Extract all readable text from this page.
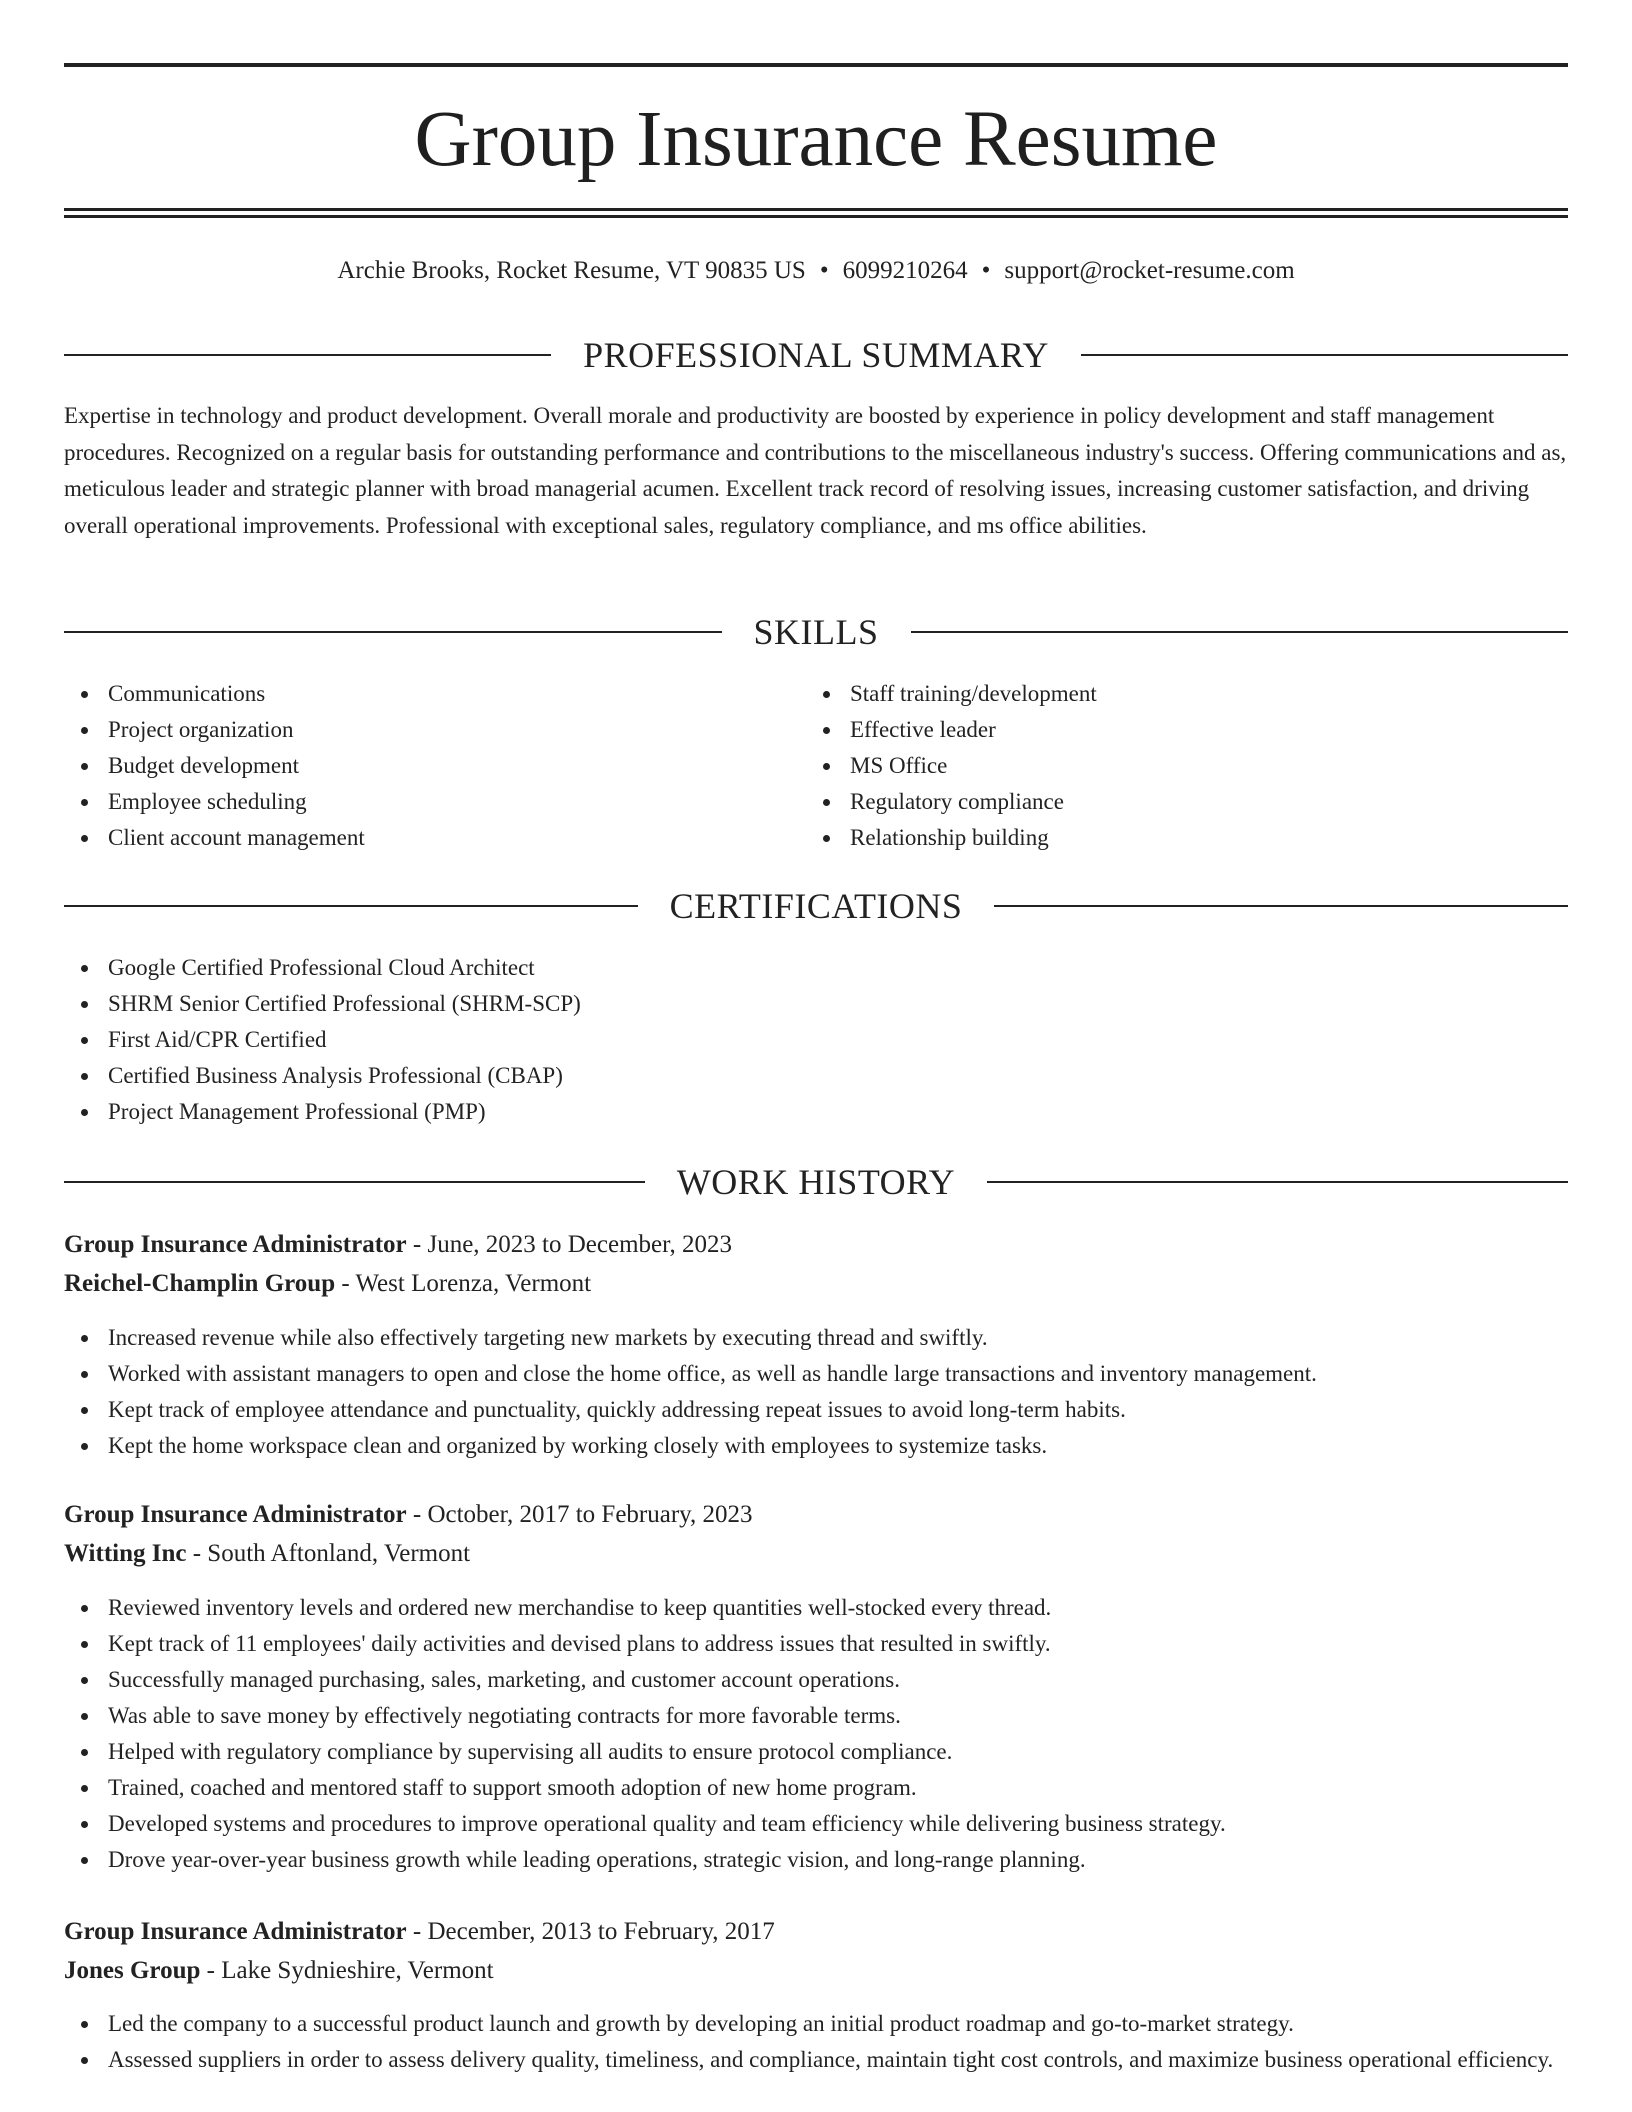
Group Insurance Resume
Archie Brooks, Rocket Resume, VT 90835 US • 6099210264 • support@rocket-resume.com
PROFESSIONAL SUMMARY

Expertise in technology and product development. Overall morale and productivity are boosted by experience in policy development and staff management procedures. Recognized on a regular basis for outstanding performance and contributions to the miscellaneous industry's success. Offering communications and as, meticulous leader and strategic planner with broad managerial acumen. Excellent track record of resolving issues, increasing customer satisfaction, and driving overall operational improvements. Professional with exceptional sales, regulatory compliance, and ms office abilities.

SKILLS
Communications
Project organization
Budget development
Employee scheduling
Client account management
Staff training/development
Effective leader
MS Office
Regulatory compliance
Relationship building
CERTIFICATIONS
Google Certified Professional Cloud Architect
SHRM Senior Certified Professional (SHRM-SCP)
First Aid/CPR Certified
Certified Business Analysis Professional (CBAP)
Project Management Professional (PMP)
WORK HISTORY
Group Insurance Administrator - June, 2023 to December, 2023
Reichel-Champlin Group - West Lorenza, Vermont
Increased revenue while also effectively targeting new markets by executing thread and swiftly.
Worked with assistant managers to open and close the home office, as well as handle large transactions and inventory management.
Kept track of employee attendance and punctuality, quickly addressing repeat issues to avoid long-term habits.
Kept the home workspace clean and organized by working closely with employees to systemize tasks.
Group Insurance Administrator - October, 2017 to February, 2023
Witting Inc - South Aftonland, Vermont
Reviewed inventory levels and ordered new merchandise to keep quantities well-stocked every thread.
Kept track of 11 employees' daily activities and devised plans to address issues that resulted in swiftly.
Successfully managed purchasing, sales, marketing, and customer account operations.
Was able to save money by effectively negotiating contracts for more favorable terms.
Helped with regulatory compliance by supervising all audits to ensure protocol compliance.
Trained, coached and mentored staff to support smooth adoption of new home program.
Developed systems and procedures to improve operational quality and team efficiency while delivering business strategy.
Drove year-over-year business growth while leading operations, strategic vision, and long-range planning.
Group Insurance Administrator - December, 2013 to February, 2017
Jones Group - Lake Sydnieshire, Vermont
Led the company to a successful product launch and growth by developing an initial product roadmap and go-to-market strategy.
Assessed suppliers in order to assess delivery quality, timeliness, and compliance, maintain tight cost controls, and maximize business operational efficiency.
